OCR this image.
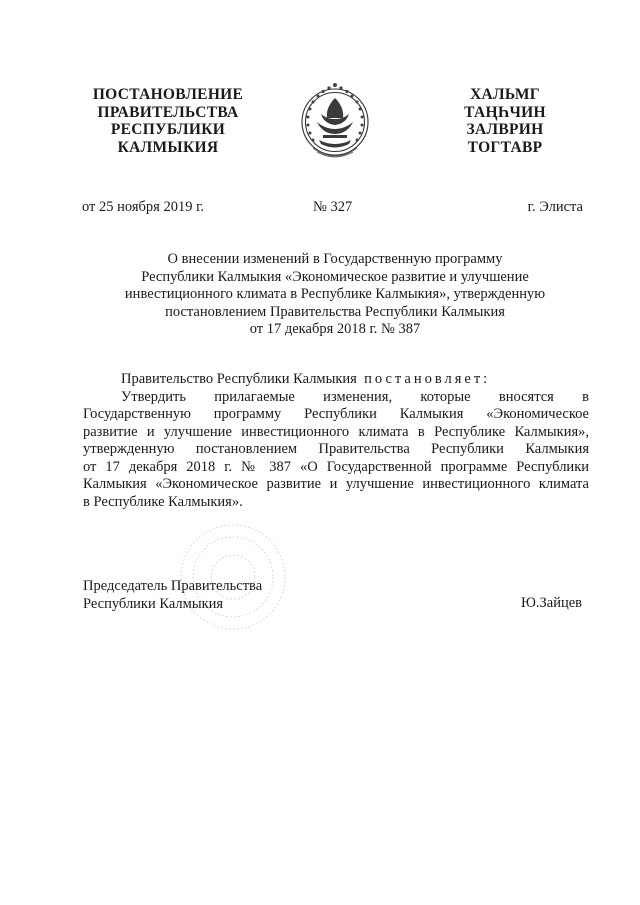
ПОСТАНОВЛЕНИЕ
ПРАВИТЕЛЬСТВА
РЕСПУБЛИКИ
КАЛМЫКИЯ
ХАЛЬМГ
ТАҢҺЧИН
ЗАЛВРИН
ТОГТАВР
от 25 ноября 2019 г.	№ 327	г. Элиста
О внесении изменений в Государственную программу
Республики Калмыкия «Экономическое развитие и улучшение
инвестиционного климата в Республике Калмыкия», утвержденную
постановлением Правительства Республики Калмыкия
от 17 декабря 2018 г. № 387
Правительство Республики Калмыкия постановляет:
Утвердить прилагаемые изменения, которые вносятся в
Государственную программу Республики Калмыкия «Экономическое
развитие и улучшение инвестиционного климата в Республике Калмыкия»,
утвержденную постановлением Правительства Республики Калмыкия
от 17 декабря 2018 г. № 387 «О Государственной программе Республики
Калмыкия «Экономическое развитие и улучшение инвестиционного климата
в Республике Калмыкия».
Председатель Правительства
Республики Калмыкия	Ю.Зайцев
